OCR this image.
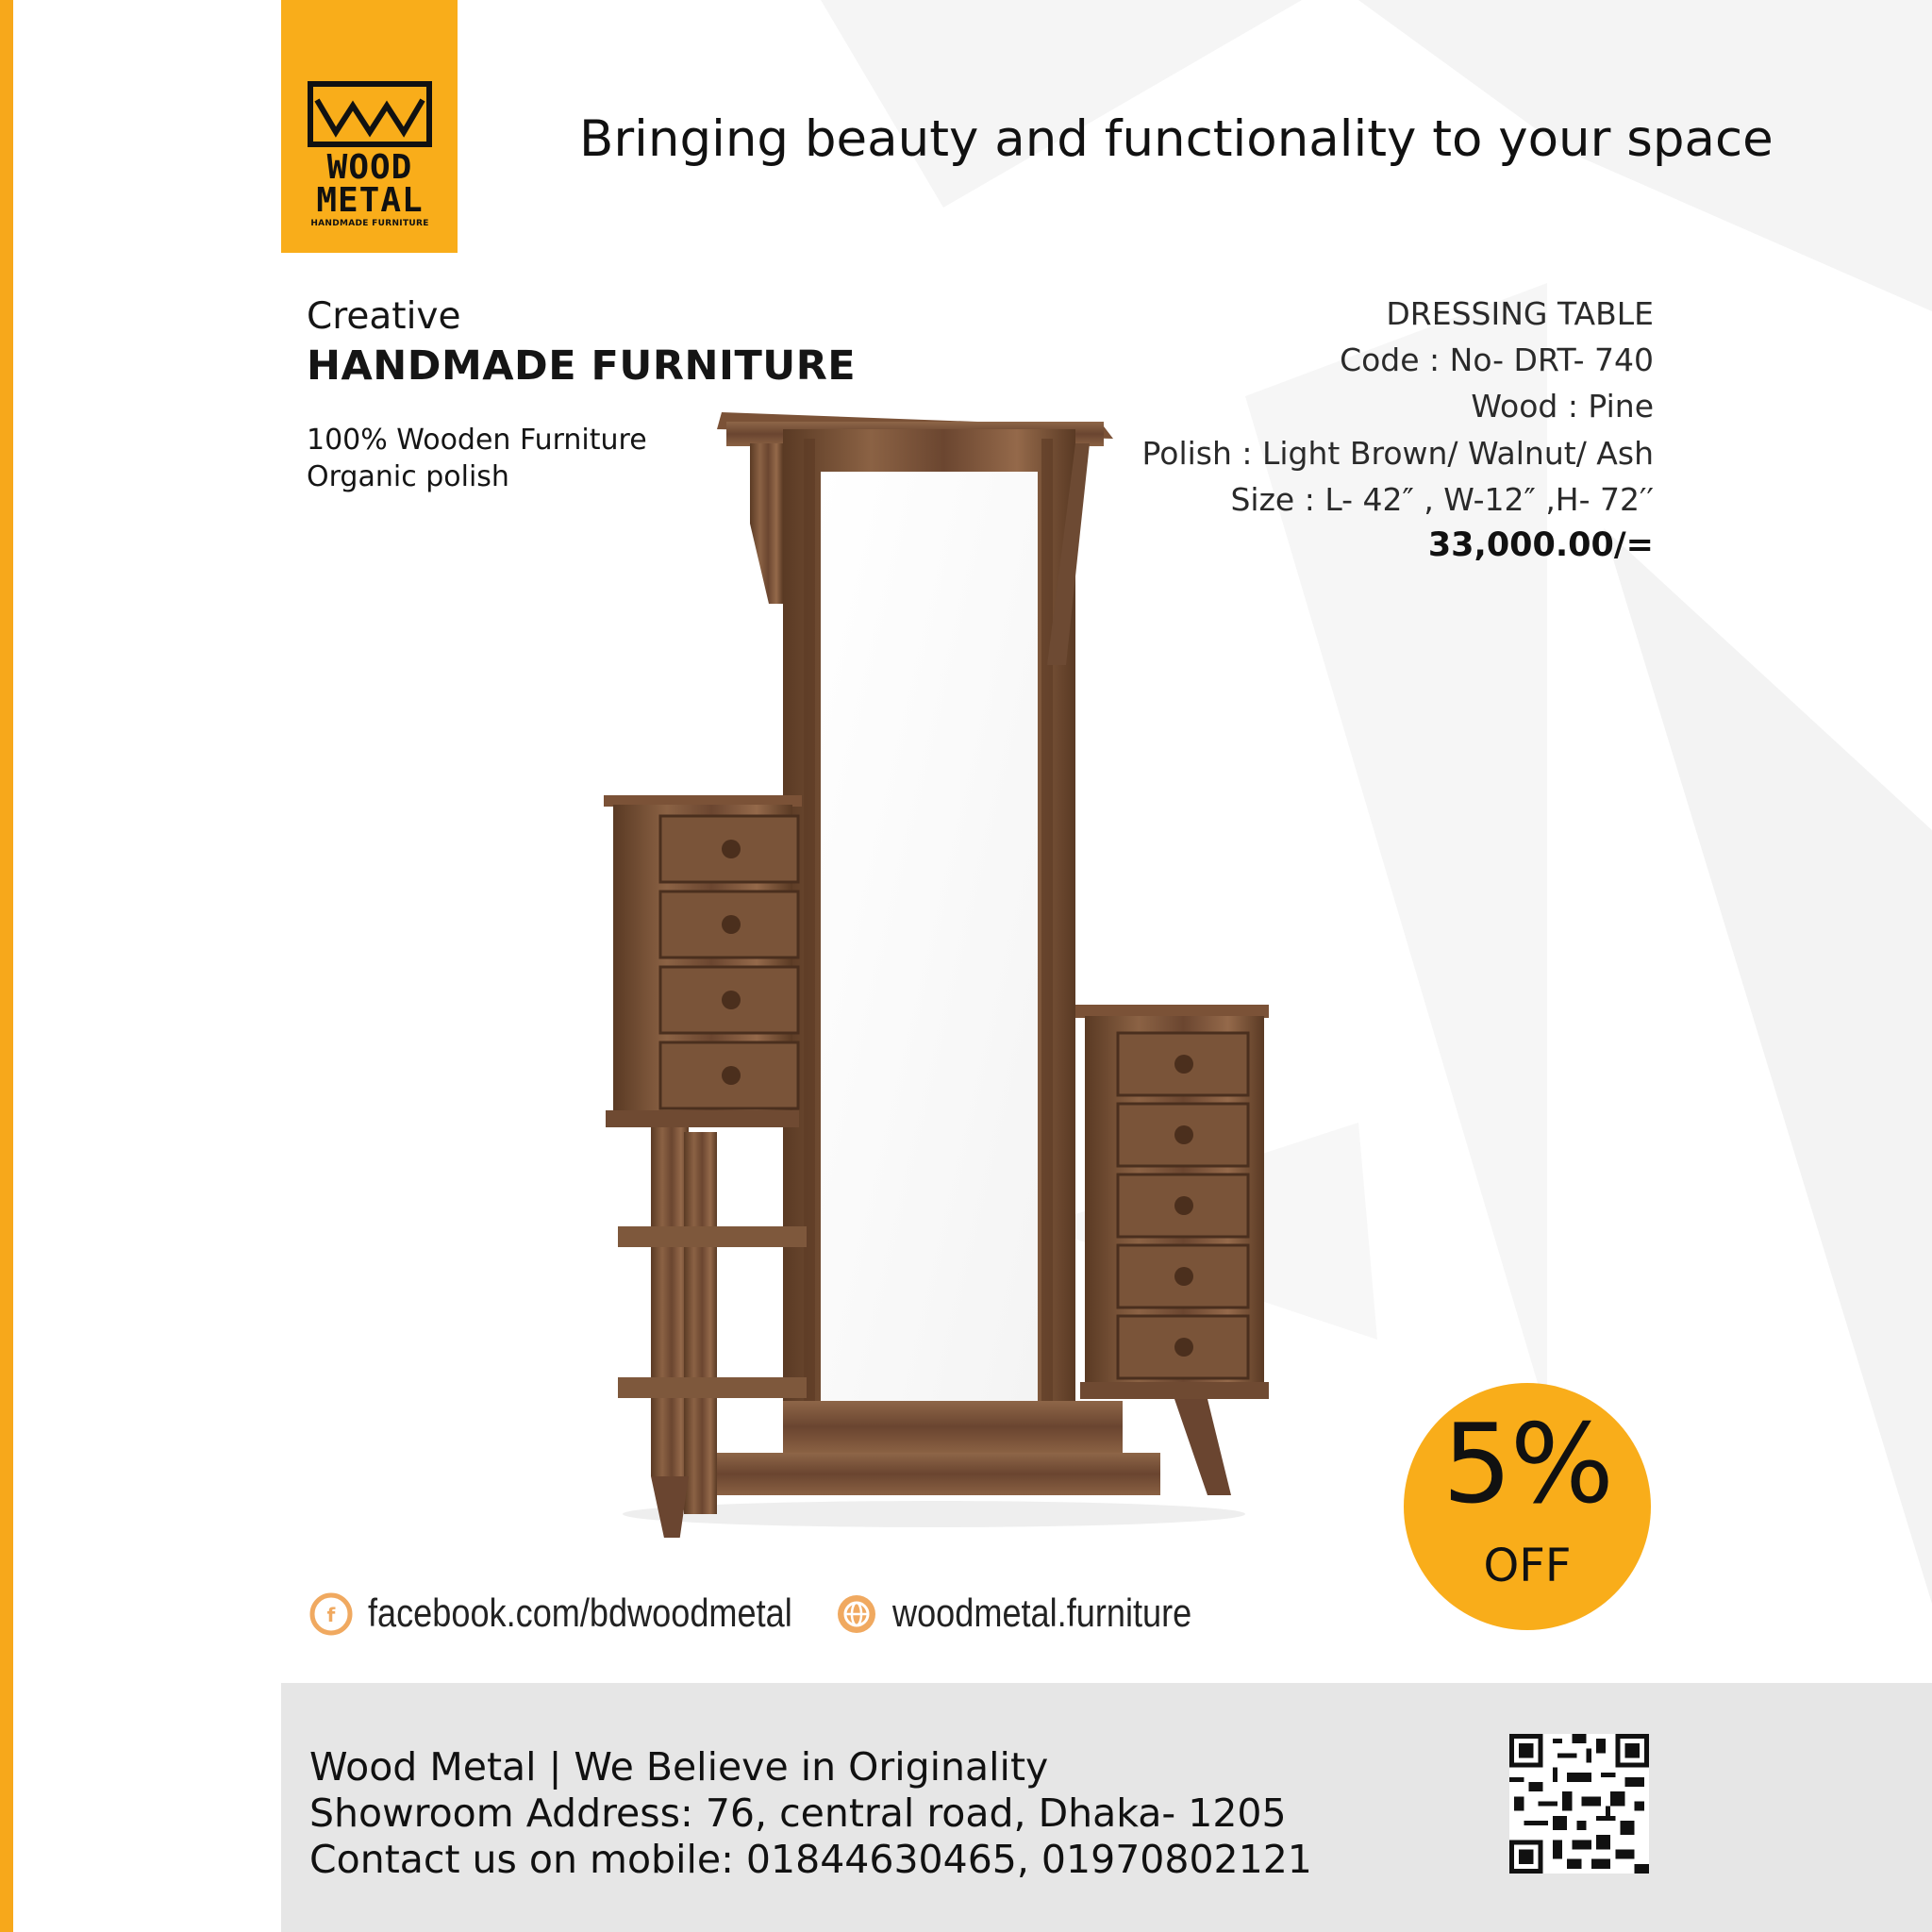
WOOD
METAL
HANDMADE FURNITURE
Bringing beauty and functionality to your space
Creative
HANDMADE FURNITURE
100% Wooden Furniture
Organic polish
DRESSING TABLE
Code : No- DRT- 740
Wood : Pine
Polish : Light Brown/ Walnut/ Ash
Size : L- 42″ , W-12″ ,H- 72′′
33,000.00/=
5%
OFF
f facebook.com/bdwoodmetal	woodmetal.furniture
Wood Metal | We Believe in Originality
Showroom Address: 76, central road, Dhaka- 1205
Contact us on mobile: 01844630465, 01970802121
